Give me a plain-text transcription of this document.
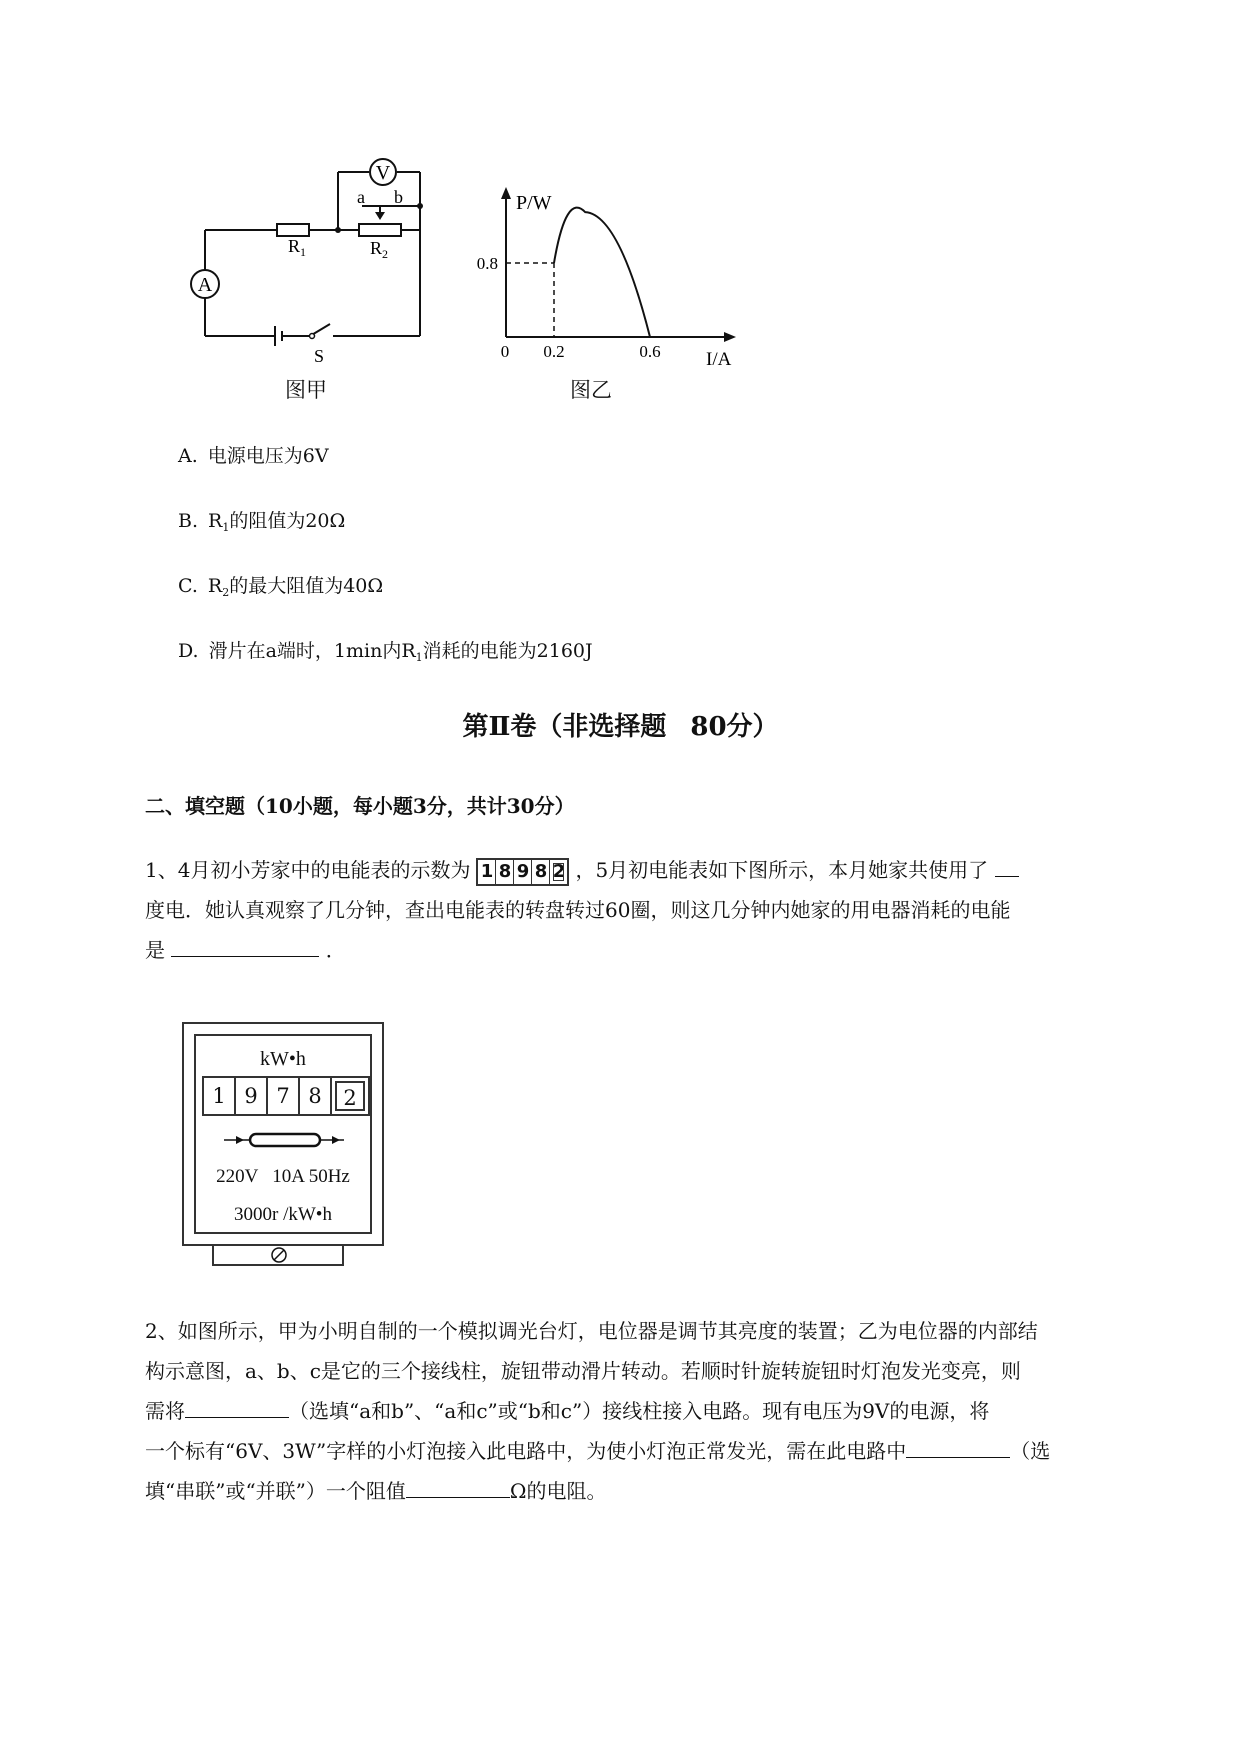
V
A
R 1	R 2
a b
S
图甲
P/W
I/A
0 0.2	0.6
0.8
图乙
A. 电源电压为6V
B. $R_1$的阻值为20Ω
C. $R_2$的最大阻值为40Ω
D. 滑片在a端时，1min内$R_1$消耗的电能为2160J
第Ⅱ卷（非选择题 80分）
二、填空题（10小题，每小题3分，共计30分）
1、4月初小芳家中的电能表的示数为 1 8 9 8 2 ，5月初电能表如下图所示，本月她家共使用了
度电．她认真观察了几分钟，查出电能表的转盘转过60圈，则这几分钟内她家的用电器消耗的电能
是	．
kW•h
1 9 7 8	2
220V   10A 50Hz
3000r /kW•h
2、如图所示，甲为小明自制的一个模拟调光台灯，电位器是调节其亮度的装置；乙为电位器的内部结
构示意图，a、b、c是它的三个接线柱，旋钮带动滑片转动。若顺时针旋转旋钮时灯泡发光变亮，则
需将	（选填“a和b”、“a和c”或“b和c”）接线柱接入电路。现有电压为9V的电源，将
一个标有“6V、3W”字样的小灯泡接入此电路中，为使小灯泡正常发光，需在此电路中	（选
填“串联”或“并联”）一个阻值	Ω的电阻。
